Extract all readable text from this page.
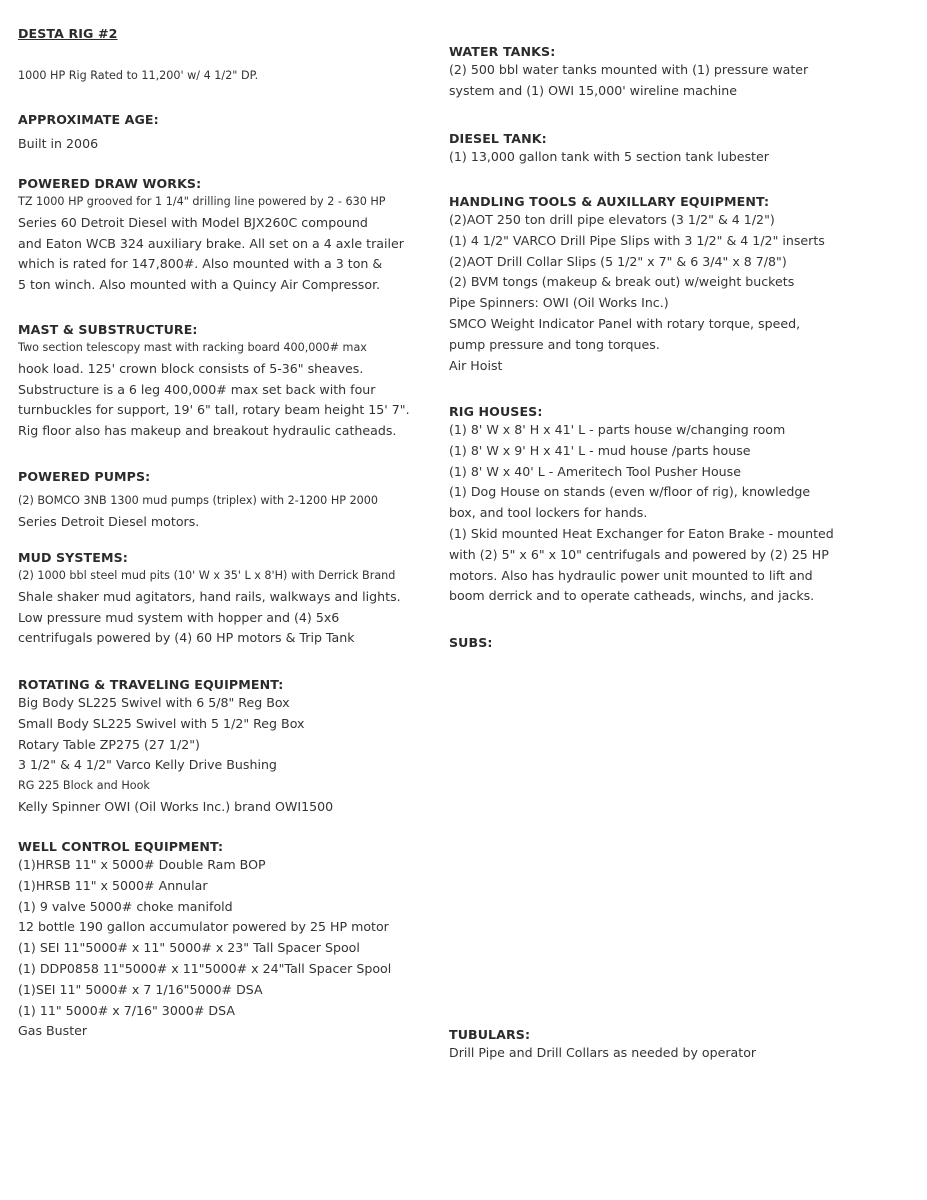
DESTA RIG #2
1000 HP Rig Rated to 11,200' w/ 4 1/2" DP.
APPROXIMATE AGE:
Built in 2006
POWERED DRAW WORKS:
TZ 1000 HP grooved for 1 1/4" drilling line powered by 2 - 630 HP
Series 60 Detroit Diesel with Model BJX260C compound
and Eaton WCB 324 auxiliary brake. All set on a 4 axle trailer
which is rated for 147,800#. Also mounted with a 3 ton &
5 ton winch. Also mounted with a Quincy Air Compressor.
MAST & SUBSTRUCTURE:
Two section telescopy mast with racking board 400,000# max
hook load. 125' crown block consists of 5-36" sheaves.
Substructure is a 6 leg 400,000# max set back with four
turnbuckles for support, 19' 6" tall, rotary beam height 15' 7".
Rig floor also has makeup and breakout hydraulic catheads.
POWERED PUMPS:
(2) BOMCO 3NB 1300 mud pumps (triplex) with 2-1200 HP 2000
Series Detroit Diesel motors.
MUD SYSTEMS:
(2) 1000 bbl steel mud pits (10' W x 35' L x 8'H) with Derrick Brand
Shale shaker mud agitators, hand rails, walkways and lights.
Low pressure mud system with hopper and (4) 5x6
centrifugals powered by (4) 60 HP motors & Trip Tank
ROTATING & TRAVELING EQUIPMENT:
Big Body SL225 Swivel with 6 5/8" Reg Box
Small Body SL225 Swivel with 5 1/2" Reg Box
Rotary Table ZP275 (27 1/2")
3 1/2" & 4 1/2" Varco Kelly Drive Bushing
RG 225 Block and Hook
Kelly Spinner OWI (Oil Works Inc.) brand OWI1500
WELL CONTROL EQUIPMENT:
(1)HRSB 11" x 5000# Double Ram BOP
(1)HRSB 11" x 5000# Annular
(1) 9 valve 5000# choke manifold
12 bottle 190 gallon accumulator powered by 25 HP motor
(1) SEI 11"5000# x 11" 5000# x 23" Tall Spacer Spool
(1) DDP0858 11"5000# x 11"5000# x 24"Tall Spacer Spool
(1)SEI 11" 5000# x 7 1/16"5000# DSA
(1) 11" 5000# x 7/16" 3000# DSA
Gas Buster
WATER TANKS:
(2) 500 bbl water tanks mounted with (1) pressure water
system and (1) OWI 15,000' wireline machine
DIESEL TANK:
(1) 13,000 gallon tank with 5 section tank lubester
HANDLING TOOLS & AUXILLARY EQUIPMENT:
(2)AOT 250 ton drill pipe elevators (3 1/2" & 4 1/2")
(1) 4 1/2" VARCO Drill Pipe Slips with 3 1/2" & 4 1/2" inserts
(2)AOT Drill Collar Slips (5 1/2" x 7" & 6 3/4" x 8 7/8")
(2) BVM tongs (makeup & break out) w/weight buckets
Pipe Spinners: OWI (Oil Works Inc.)
SMCO Weight Indicator Panel with rotary torque, speed,
pump pressure and tong torques.
Air Hoist
RIG HOUSES:
(1) 8' W x 8' H x 41' L - parts house w/changing room
(1) 8' W x 9' H x 41' L - mud house /parts house
(1) 8' W x 40' L - Ameritech Tool Pusher House
(1) Dog House on stands (even w/floor of rig), knowledge
box, and tool lockers for hands.
(1) Skid mounted Heat Exchanger for Eaton Brake - mounted
with (2) 5" x 6" x 10" centrifugals and powered by (2) 25 HP
motors. Also has hydraulic power unit mounted to lift and
boom derrick and to operate catheads, winchs, and jacks.
SUBS:
TUBULARS:
Drill Pipe and Drill Collars as needed by operator
